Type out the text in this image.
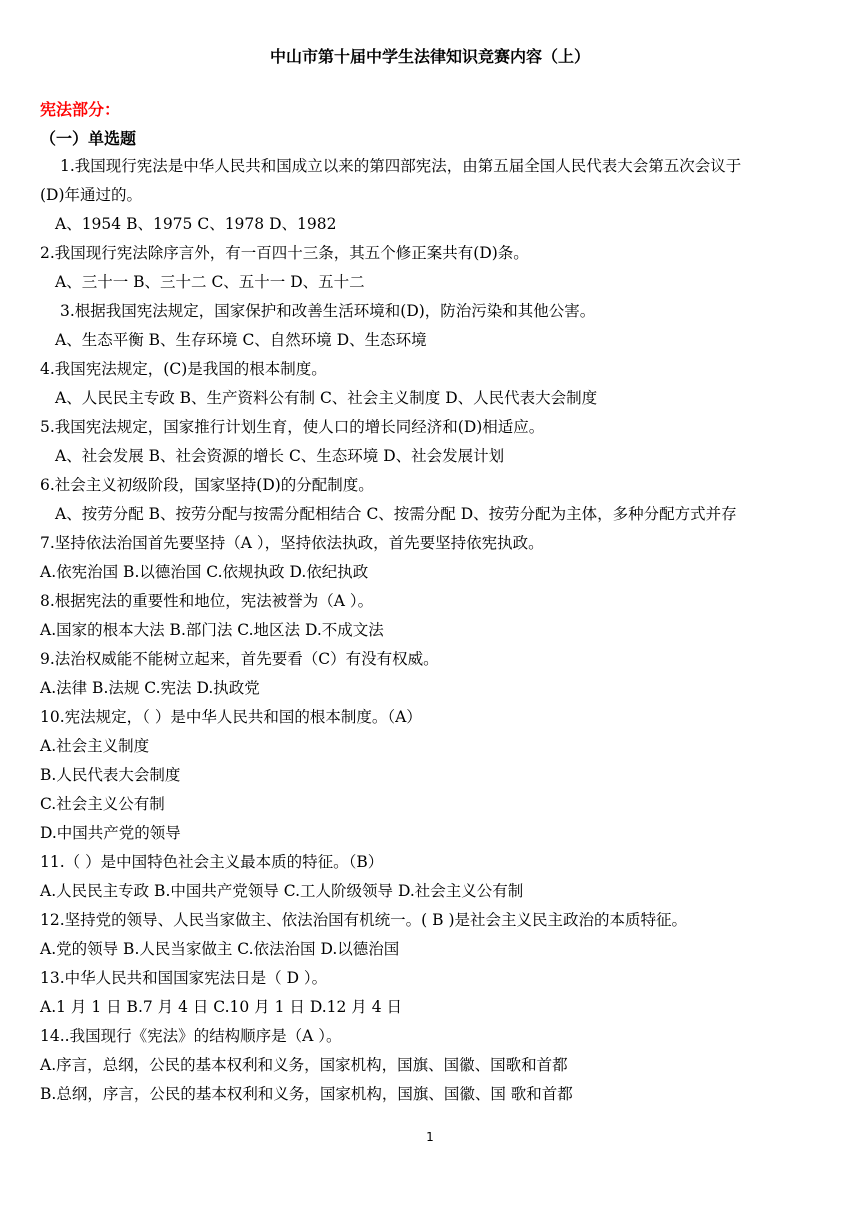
中山市第十届中学生法律知识竞赛内容（上）
宪法部分：
（一）单选题
1.我国现行宪法是中华人民共和国成立以来的第四部宪法，由第五届全国人民代表大会第五次会议于
(D)年通过的。
A、1954 B、1975 C、1978 D、1982
2.我国现行宪法除序言外，有一百四十三条，其五个修正案共有(D)条。
A、三十一 B、三十二 C、五十一 D、五十二
3.根据我国宪法规定，国家保护和改善生活环境和(D)，防治污染和其他公害。
A、生态平衡 B、生存环境 C、自然环境 D、生态环境
4.我国宪法规定，(C)是我国的根本制度。
A、人民民主专政 B、生产资料公有制 C、社会主义制度 D、人民代表大会制度
5.我国宪法规定，国家推行计划生育，使人口的增长同经济和(D)相适应。
A、社会发展 B、社会资源的增长 C、生态环境 D、社会发展计划
6.社会主义初级阶段，国家坚持(D)的分配制度。
A、按劳分配 B、按劳分配与按需分配相结合 C、按需分配 D、按劳分配为主体，多种分配方式并存
7.坚持依法治国首先要坚持（A ），坚持依法执政，首先要坚持依宪执政。
A.依宪治国 B.以德治国 C.依规执政 D.依纪执政
8.根据宪法的重要性和地位，宪法被誉为（A ）。
A.国家的根本大法 B.部门法 C.地区法 D.不成文法
9.法治权威能不能树立起来，首先要看（C）有没有权威。
A.法律 B.法规 C.宪法 D.执政党
10.宪法规定，（ ）是中华人民共和国的根本制度。（A）
A.社会主义制度
B.人民代表大会制度
C.社会主义公有制
D.中国共产党的领导
11.（ ）是中国特色社会主义最本质的特征。（B）
A.人民民主专政 B.中国共产党领导 C.工人阶级领导 D.社会主义公有制
12.坚持党的领导、人民当家做主、依法治国有机统一。( B )是社会主义民主政治的本质特征。
A.党的领导 B.人民当家做主 C.依法治国 D.以德治国
13.中华人民共和国国家宪法日是（ D ）。
A.1 月 1 日 B.7 月 4 日 C.10 月 1 日 D.12 月 4 日
14..我国现行《宪法》的结构顺序是（A ）。
A.序言，总纲，公民的基本权利和义务，国家机构，国旗、国徽、国歌和首都
B.总纲，序言，公民的基本权利和义务，国家机构，国旗、国徽、国 歌和首都
1
